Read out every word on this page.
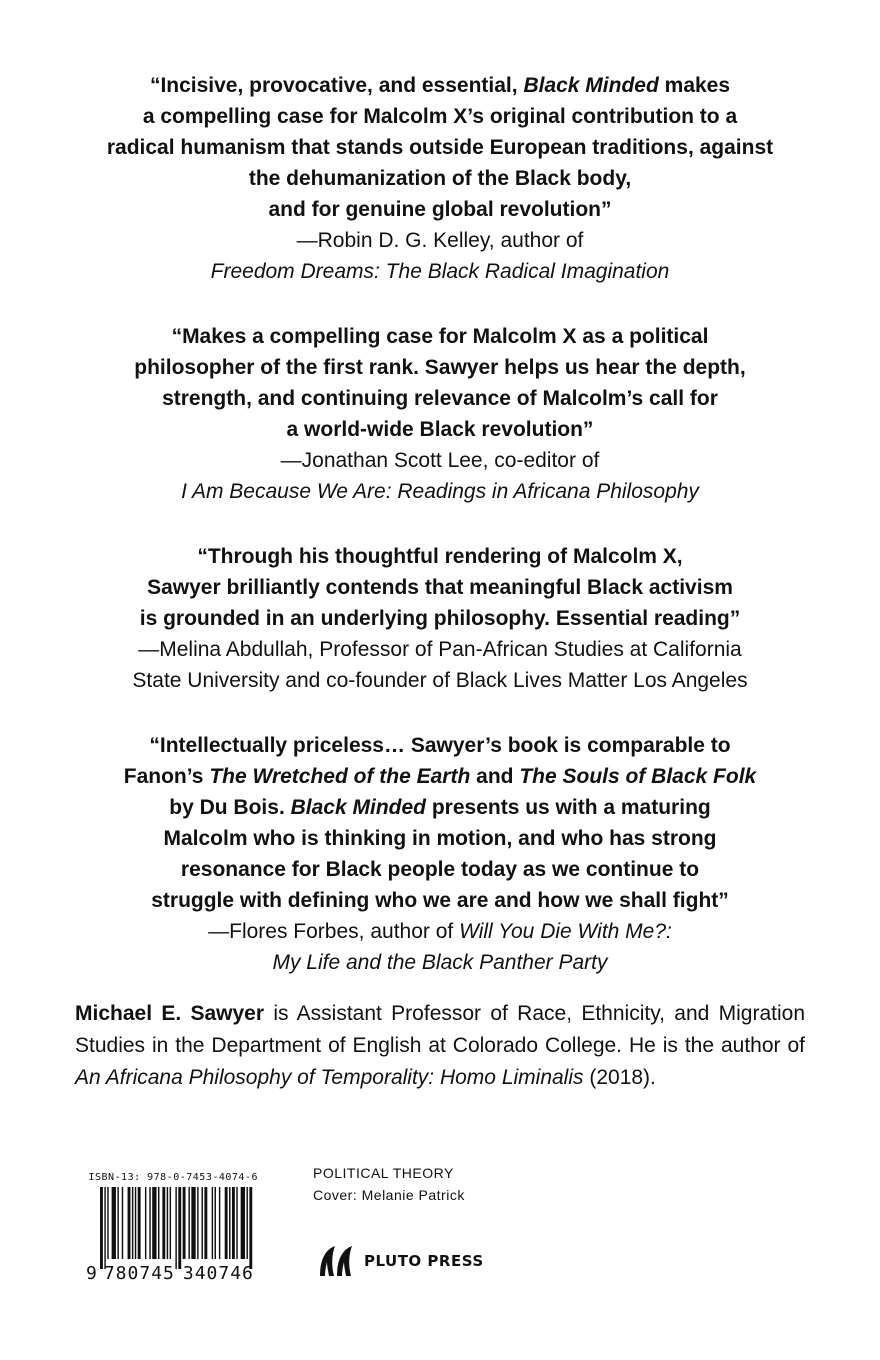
“Incisive, provocative, and essential, Black Minded makes
a compelling case for Malcolm X’s original contribution to a
radical humanism that stands outside European traditions, against
the dehumanization of the Black body,
and for genuine global revolution”
—Robin D. G. Kelley, author of
Freedom Dreams: The Black Radical Imagination
“Makes a compelling case for Malcolm X as a political
philosopher of the first rank. Sawyer helps us hear the depth,
strength, and continuing relevance of Malcolm’s call for
a world-wide Black revolution”
—Jonathan Scott Lee, co-editor of
I Am Because We Are: Readings in Africana Philosophy
“Through his thoughtful rendering of Malcolm X,
Sawyer brilliantly contends that meaningful Black activism
is grounded in an underlying philosophy. Essential reading”
—Melina Abdullah, Professor of Pan-African Studies at California
State University and co-founder of Black Lives Matter Los Angeles
“Intellectually priceless… Sawyer’s book is comparable to
Fanon’s The Wretched of the Earth and The Souls of Black Folk
by Du Bois. Black Minded presents us with a maturing
Malcolm who is thinking in motion, and who has strong
resonance for Black people today as we continue to
struggle with defining who we are and how we shall fight”
—Flores Forbes, author of Will You Die With Me?:
My Life and the Black Panther Party
Michael E. Sawyer is Assistant Professor of Race, Ethnicity, and Migration Studies in the Department of English at Colorado College. He is the author of An Africana Philosophy of Temporality: Homo Liminalis (2018).
ISBN-13: 978-0-7453-4074-6
9 780745 340746
POLITICAL THEORY
Cover: Melanie Patrick
PLUTO PRESS
